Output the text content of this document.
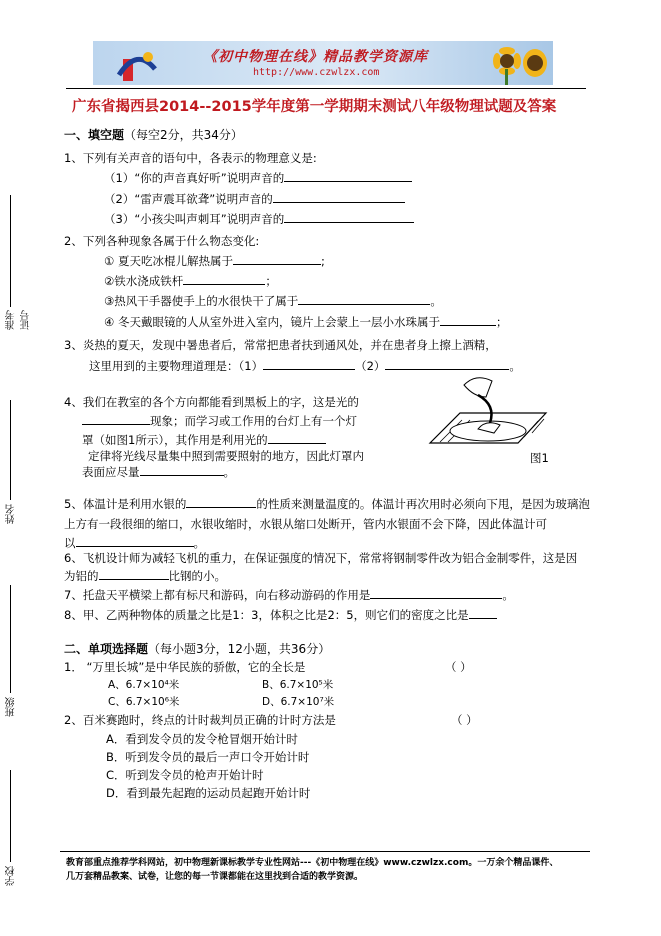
《初中物理在线》精品教学资源库
http://www.czwlzx.com
广东省揭西县2014--2015学年度第一学期期末测试八年级物理试题及答案
准考证号
姓名
班级
学校
一、填空题（每空2分，共34分）
1、下列有关声音的语句中，各表示的物理意义是:
（1）“你的声音真好听”说明声音的
（2）“雷声震耳欲聋”说明声音的
（3）“小孩尖叫声刺耳”说明声音的
2、下列各种现象各属于什么物态变化:
① 夏天吃冰棍儿解热属于	;
②铁水浇成铁杆	；
③热风干手器使手上的水很快干了属于	。
④ 冬天戴眼镜的人从室外进入室内，镜片上会蒙上一层小水珠属于	；
3、炎热的夏天，发现中暑患者后，常常把患者扶到通风处，并在患者身上擦上酒精，
这里用到的主要物理道理是：（1）	（2）	。
4、我们在教室的各个方向都能看到黑板上的字，这是光的
现象；而学习或工作用的台灯上有一个灯
罩（如图1所示），其作用是利用光的
定律将光线尽量集中照到需要照射的地方，因此灯罩内
表面应尽量	。
图1
5、体温计是利用水银的	的性质来测量温度的。体温计再次用时必须向下甩，是因为玻璃泡
上方有一段很细的缩口，水银收缩时，水银从缩口处断开，管内水银面不会下降，因此体温计可
以	。
6、飞机设计师为减轻飞机的重力，在保证强度的情况下，常常将钢制零件改为铝合金制零件，这是因
为铝的	比钢的小。
7、托盘天平横梁上都有标尺和游码，向右移动游码的作用是	。
8、甲、乙两种物体的质量之比是1：3，体积之比是2：5，则它们的密度之比是
二、单项选择题（每小题3分，12小题，共36分）
1． “万里长城”是中华民族的骄傲，它的全长是	（ ）
A、6.7×10⁴米	B、6.7×10⁵米
C、6.7×10⁶米	D、6.7×10⁷米
2、百米赛跑时，终点的计时裁判员正确的计时方法是	（ ）
A．看到发令员的发令枪冒烟开始计时
B．听到发令员的最后一声口令开始计时
C．听到发令员的枪声开始计时
D．看到最先起跑的运动员起跑开始计时
教育部重点推荐学科网站，初中物理新课标教学专业性网站---《初中物理在线》www.czwlzx.com。一万余个精品课件、
几万套精品教案、试卷，让您的每一节课都能在这里找到合适的教学资源。
